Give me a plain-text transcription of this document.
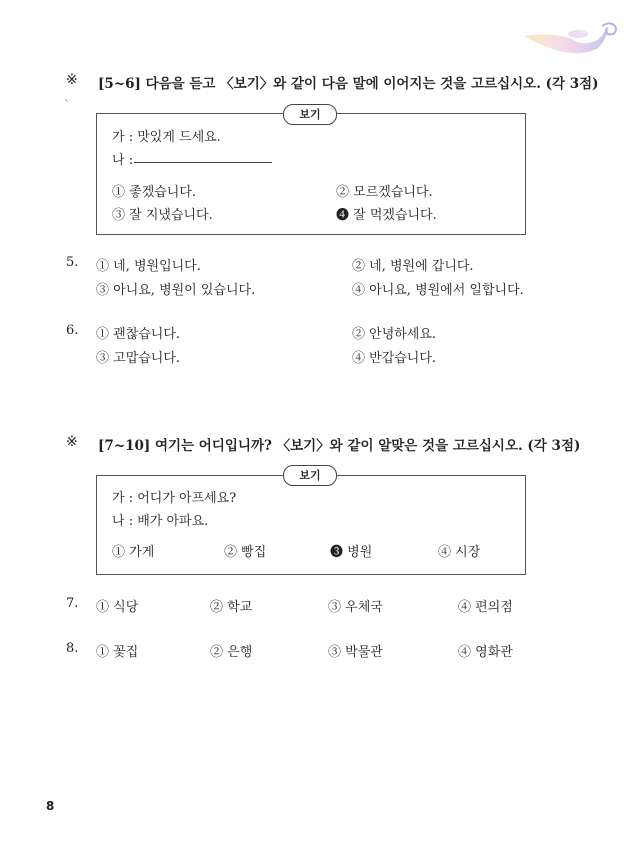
※ [5~6] 다음을 듣고 〈보기〉와 같이 다음 말에 이어지는 것을 고르십시오. (각 3점)
`
보기
가 : 맛있게 드세요.
나 :
① 좋겠습니다.	② 모르겠습니다.
③ 잘 지냈습니다.	❹ 잘 먹겠습니다.
5. ① 네, 병원입니다.	② 네, 병원에 갑니다.
③ 아니요, 병원이 있습니다.	④ 아니요, 병원에서 일합니다.
6. ① 괜찮습니다.	② 안녕하세요.
③ 고맙습니다.	④ 반갑습니다.
※ [7~10] 여기는 어디입니까? 〈보기〉와 같이 알맞은 것을 고르십시오. (각 3점)
보기
가 : 어디가 아프세요?
나 : 배가 아파요.
① 가게	② 빵집	❸ 병원	④ 시장
7. ① 식당	② 학교	③ 우체국	④ 편의점
8. ① 꽃집	② 은행	③ 박물관	④ 영화관
8
